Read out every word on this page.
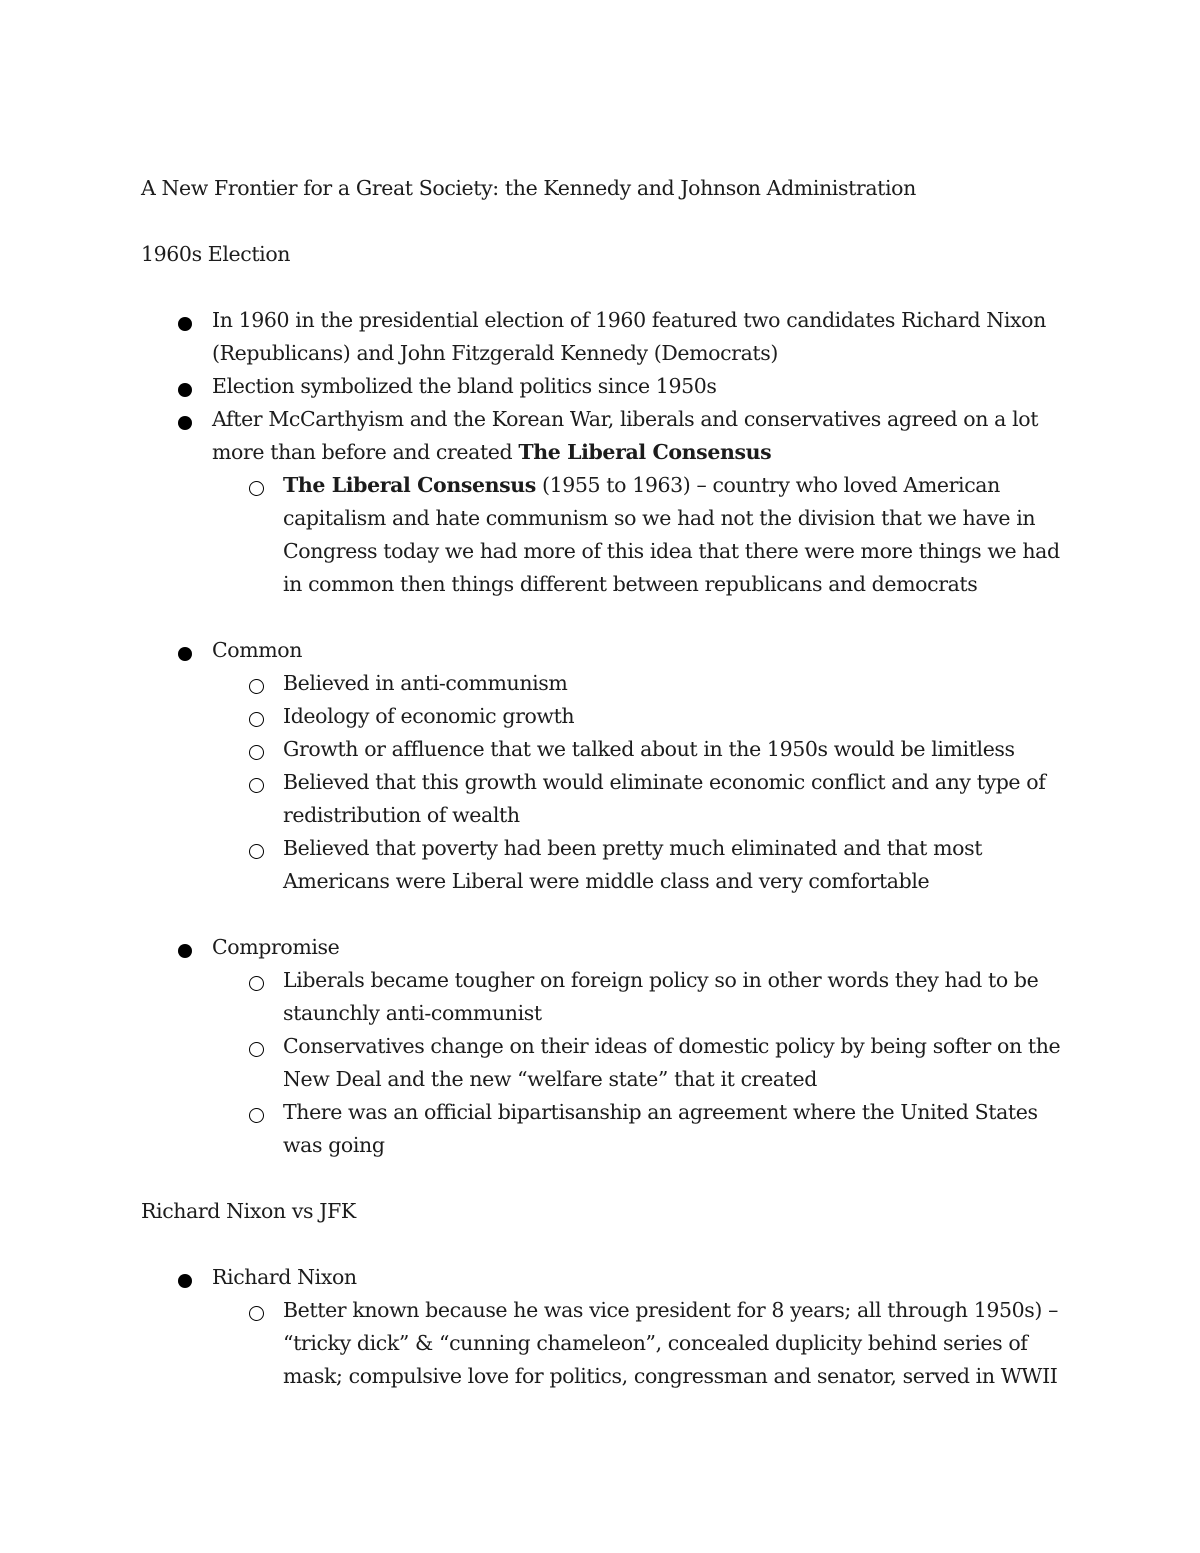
A New Frontier for a Great Society: the Kennedy and Johnson Administration

1960s Election

In 1960 in the presidential election of 1960 featured two candidates Richard Nixon (Republicans) and John Fitzgerald Kennedy (Democrats)
Election symbolized the bland politics since 1950s
After McCarthyism and the Korean War, liberals and conservatives agreed on a lot more than before and created The Liberal Consensus
The Liberal Consensus (1955 to 1963) – country who loved American capitalism and hate communism so we had not the division that we have in Congress today we had more of this idea that there were more things we had in common then things different between republicans and democrats
Common
Believed in anti-communism
Ideology of economic growth
Growth or affluence that we talked about in the 1950s would be limitless
Believed that this growth would eliminate economic conflict and any type of redistribution of wealth
Believed that poverty had been pretty much eliminated and that most Americans were Liberal were middle class and very comfortable
Compromise
Liberals became tougher on foreign policy so in other words they had to be staunchly anti-communist
Conservatives change on their ideas of domestic policy by being softer on the New Deal and the new “welfare state” that it created
There was an official bipartisanship an agreement where the United States was going

Richard Nixon vs JFK

Richard Nixon
Better known because he was vice president for 8 years; all through 1950s) – “tricky dick” & “cunning chameleon”, concealed duplicity behind series of mask; compulsive love for politics, congressman and senator, served in WWII
